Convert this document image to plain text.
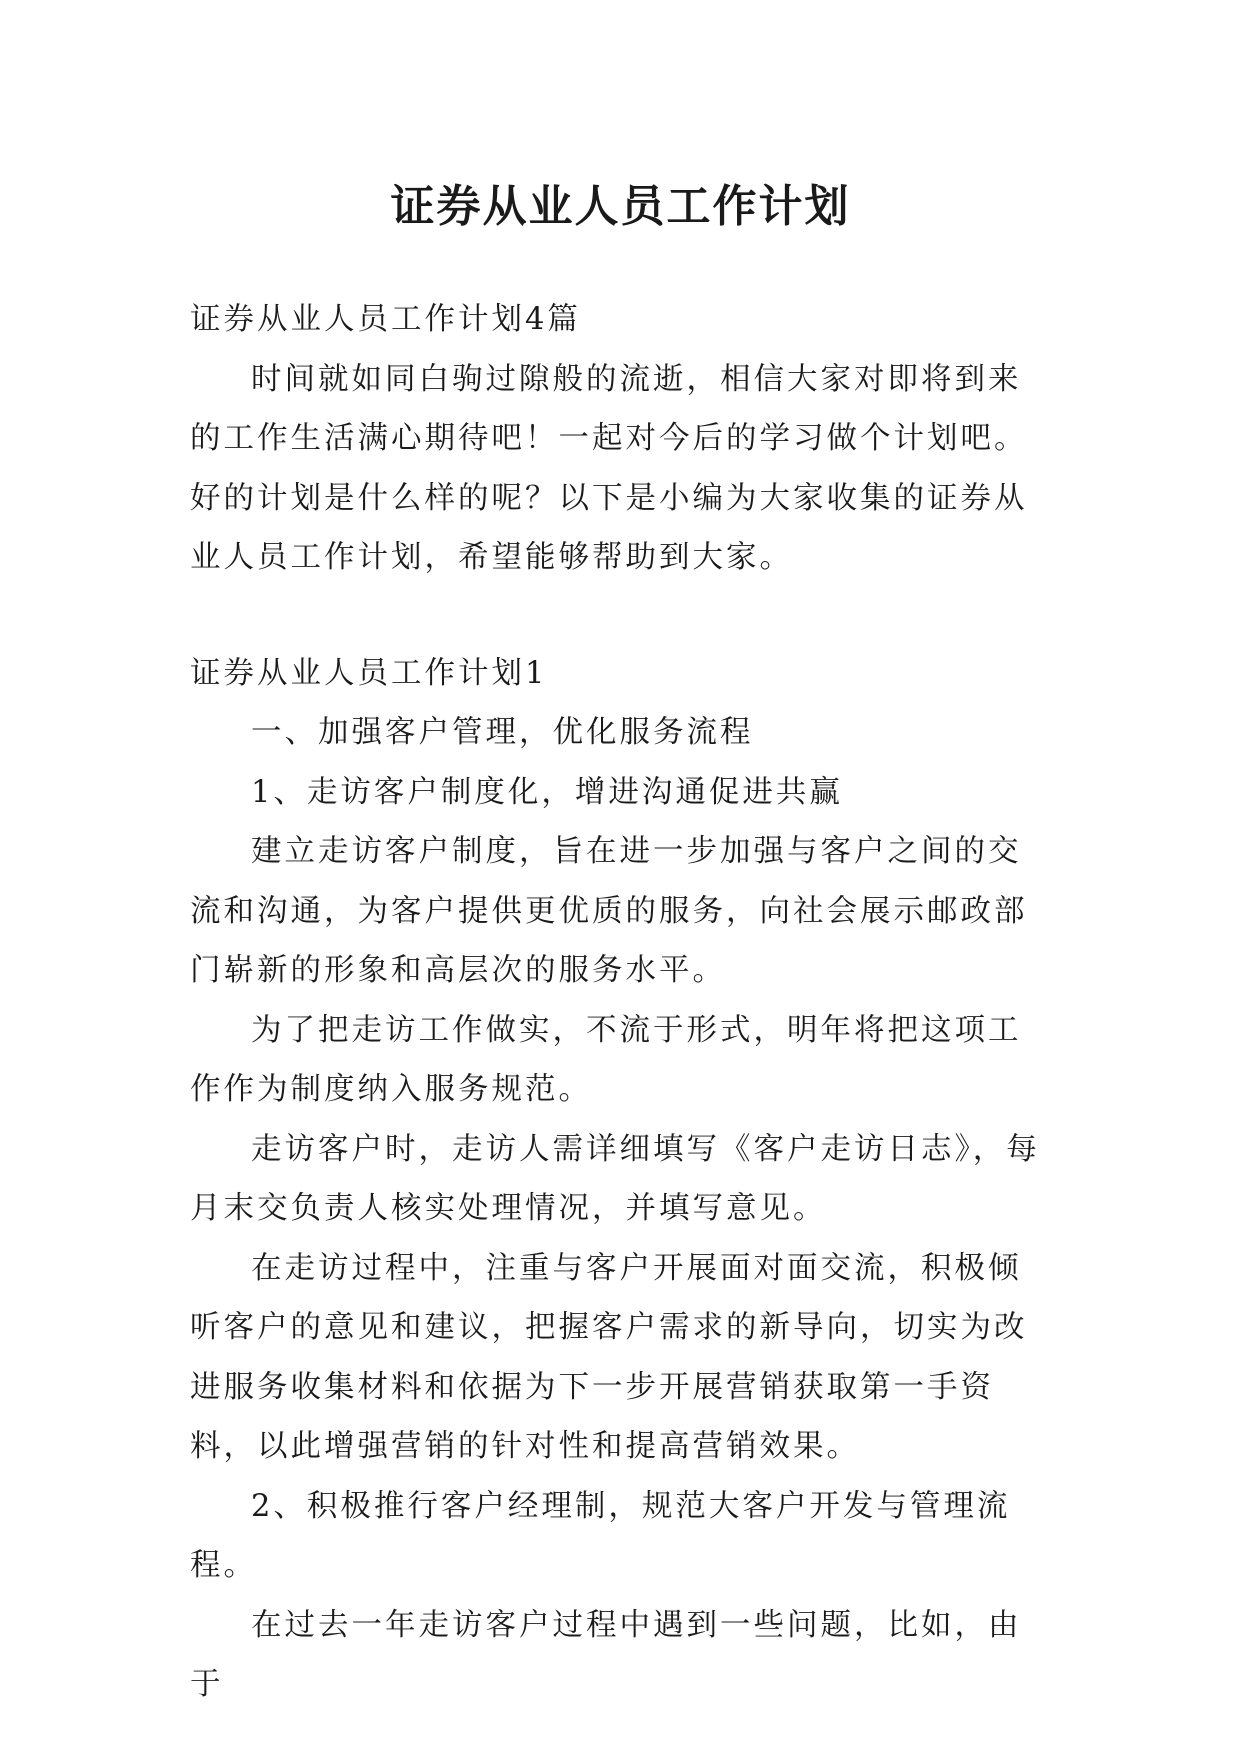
证券从业人员工作计划

证券从业人员工作计划4篇

时间就如同白驹过隙般的流逝，相信大家对即将到来的工作生活满心期待吧！一起对今后的学习做个计划吧。好的计划是什么样的呢？以下是小编为大家收集的证券从业人员工作计划，希望能够帮助到大家。

证券从业人员工作计划1

一、加强客户管理，优化服务流程

1、走访客户制度化，增进沟通促进共赢

建立走访客户制度，旨在进一步加强与客户之间的交流和沟通，为客户提供更优质的服务，向社会展示邮政部门崭新的形象和高层次的服务水平。

为了把走访工作做实，不流于形式，明年将把这项工作作为制度纳入服务规范。

走访客户时，走访人需详细填写《客户走访日志》，每月末交负责人核实处理情况，并填写意见。

在走访过程中，注重与客户开展面对面交流，积极倾听客户的意见和建议，把握客户需求的新导向，切实为改进服务收集材料和依据为下一步开展营销获取第一手资料，以此增强营销的针对性和提高营销效果。

2、积极推行客户经理制，规范大客户开发与管理流程。

在过去一年走访客户过程中遇到一些问题，比如，由于
